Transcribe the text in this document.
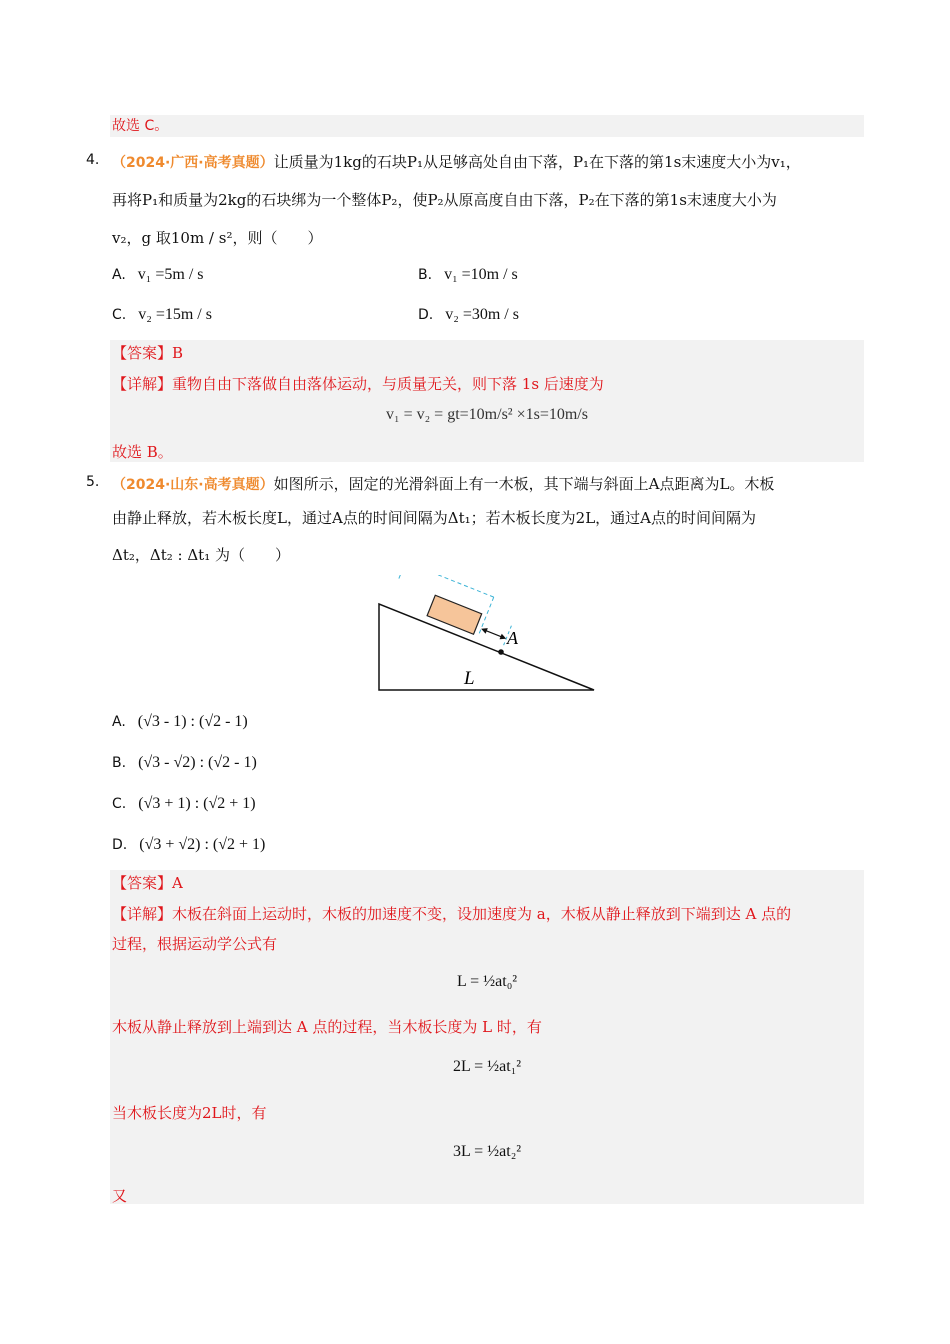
故选 C。
4. （2024·广西·高考真题）让质量为1kg的石块P₁从足够高处自由下落，P₁在下落的第1s末速度大小为v₁，
再将P₁和质量为2kg的石块绑为一个整体P₂，使P₂从原高度自由下落，P₂在下落的第1s末速度大小为
v₂，g 取10m / s²，则（　　）
A. v₁ =5m / s	B. v₁ =10m / s
C. v₂ =15m / s	D. v₂ =30m / s
【答案】B
【详解】重物自由下落做自由落体运动，与质量无关，则下落 1s 后速度为
v₁ = v₂ = gt=10m/s² ×1s=10m/s
故选 B。
5. （2024·山东·高考真题）如图所示，固定的光滑斜面上有一木板，其下端与斜面上A点距离为L。木板
由静止释放，若木板长度L，通过A点的时间间隔为Δt₁；若木板长度为2L，通过A点的时间间隔为
Δt₂，Δt₂ : Δt₁ 为（　　）
A
L
A. (√3 - 1) : (√2 - 1)
B. (√3 - √2) : (√2 - 1)
C. (√3 + 1) : (√2 + 1)
D. (√3 + √2) : (√2 + 1)
【答案】A
【详解】木板在斜面上运动时，木板的加速度不变，设加速度为 a，木板从静止释放到下端到达 A 点的
过程，根据运动学公式有
L = ½at₀²
木板从静止释放到上端到达 A 点的过程，当木板长度为 L 时，有
2L = ½at₁²
当木板长度为2L时，有
3L = ½at₂²
又
